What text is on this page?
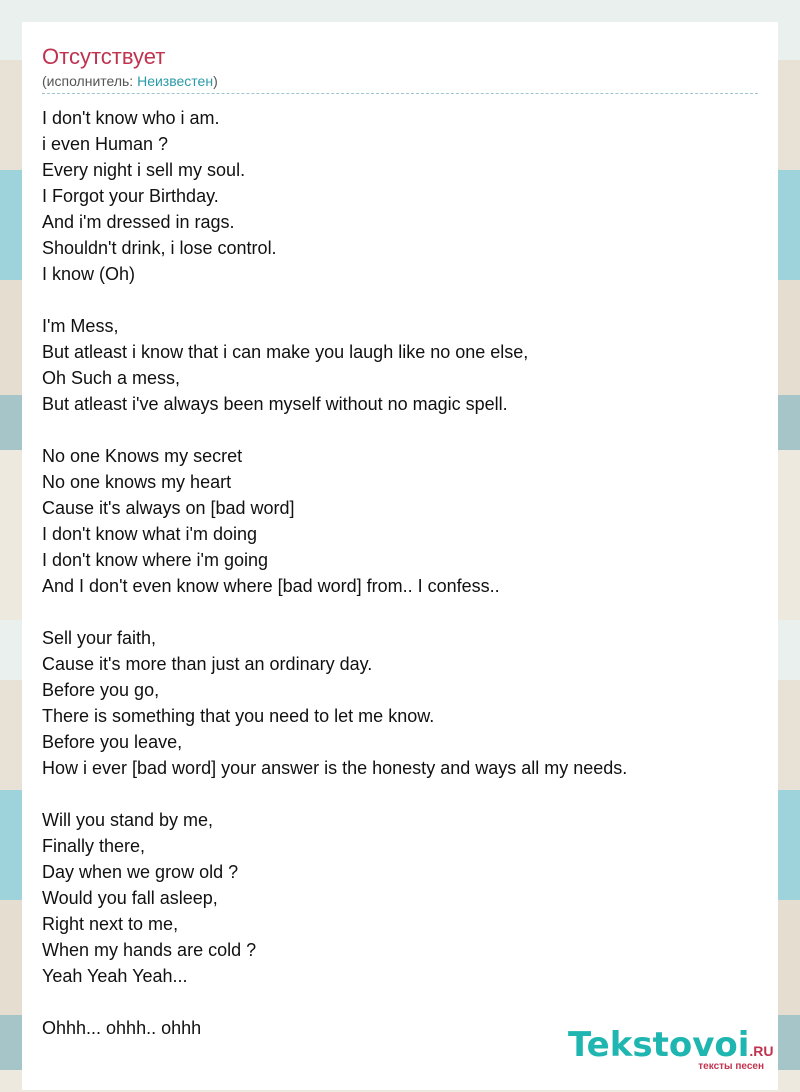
Отсутствует
(исполнитель: Неизвестен)
I don't know who i am.
i even Human ?
Every night i sell my soul.
I Forgot your Birthday.
And i'm dressed in rags.
Shouldn't drink, i lose control.
I know (Oh)
I'm Mess,
But atleast i know that i can make you laugh like no one else,
Oh Such a mess,
But atleast i've always been myself without no magic spell.
No one Knows my secret
No one knows my heart
Cause it's always on [bad word]
I don't know what i'm doing
I don't know where i'm going
And I don't even know where [bad word] from.. I confess..
Sell your faith,
Cause it's more than just an ordinary day.
Before you go,
There is something that you need to let me know.
Before you leave,
How i ever [bad word] your answer is the honesty and ways all my needs.
Will you stand by me,
Finally there,
Day when we grow old ?
Would you fall asleep,
Right next to me,
When my hands are cold ?
Yeah Yeah Yeah...
Ohhh... ohhh.. ohhh	Tekstovoi.RU
тексты песен
